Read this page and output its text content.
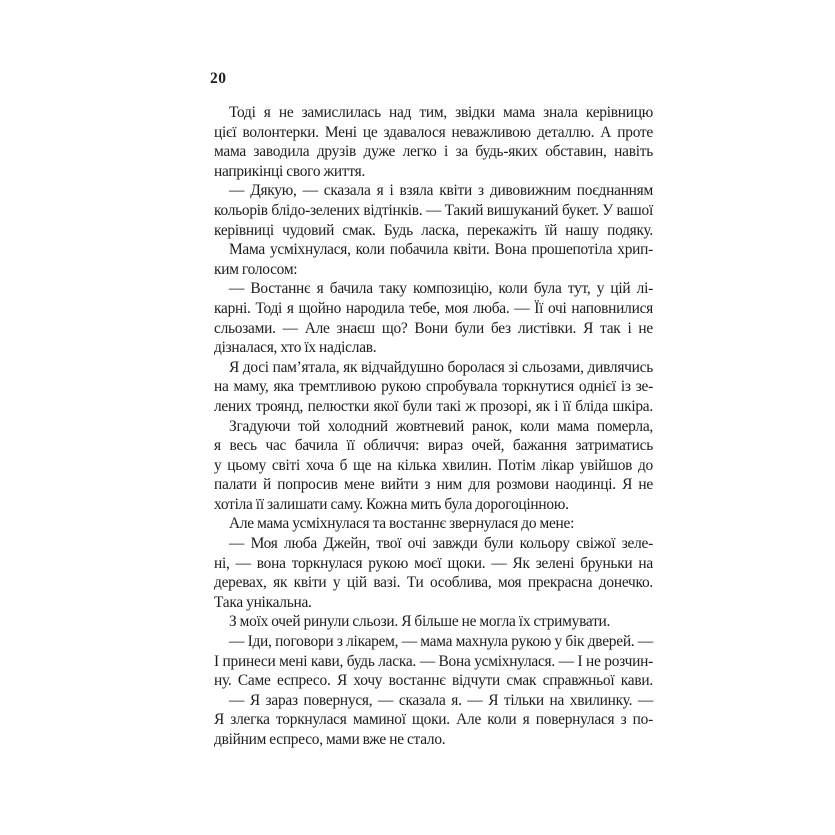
20
Тоді я не замислилась над тим, звідки мама знала керівницю
цієї волонтерки. Мені це здавалося неважливою деталлю. А проте
мама заводила друзів дуже легко і за будь-яких обставин, навіть
наприкінці свого життя.
— Дякую, — сказала я і взяла квіти з дивовижним поєднанням
кольорів блідо-зелених відтінків. — Такий вишуканий букет. У вашої
керівниці чудовий смак. Будь ласка, перекажіть їй нашу подяку.
Мама усміхнулася, коли побачила квіти. Вона прошепотіла хрип-
ким голосом:
— Востаннє я бачила таку композицію, коли була тут, у цій лі-
карні. Тоді я щойно народила тебе, моя люба. — Її очі наповнилися
сльозами. — Але знаєш що? Вони були без листівки. Я так і не
дізналася, хто їх надіслав.
Я досі пам’ятала, як відчайдушно боролася зі сльозами, дивлячись
на маму, яка тремтливою рукою спробувала торкнутися однієї із зе-
лених троянд, пелюстки якої були такі ж прозорі, як і її бліда шкіра.
Згадуючи той холодний жовтневий ранок, коли мама померла,
я весь час бачила її обличчя: вираз очей, бажання затриматись
у цьому світі хоча б ще на кілька хвилин. Потім лікар увійшов до
палати й попросив мене вийти з ним для розмови наодинці. Я не
хотіла її залишати саму. Кожна мить була дорогоцінною.
Але мама усміхнулася та востаннє звернулася до мене:
— Моя люба Джейн, твої очі завжди були кольору свіжої зеле-
ні, — вона торкнулася рукою моєї щоки. — Як зелені бруньки на
деревах, як квіти у цій вазі. Ти особлива, моя прекрасна донечко.
Така унікальна.
З моїх очей ринули сльози. Я більше не могла їх стримувати.
— Іди, поговори з лікарем, — мама махнула рукою у бік дверей. —
І принеси мені кави, будь ласка. — Вона усміхнулася. — І не розчин-
ну. Саме еспресо. Я хочу востаннє відчути смак справжньої кави.
— Я зараз повернуся, — сказала я. — Я тільки на хвилинку. —
Я злегка торкнулася маминої щоки. Але коли я повернулася з по-
двійним еспресо, мами вже не стало.
